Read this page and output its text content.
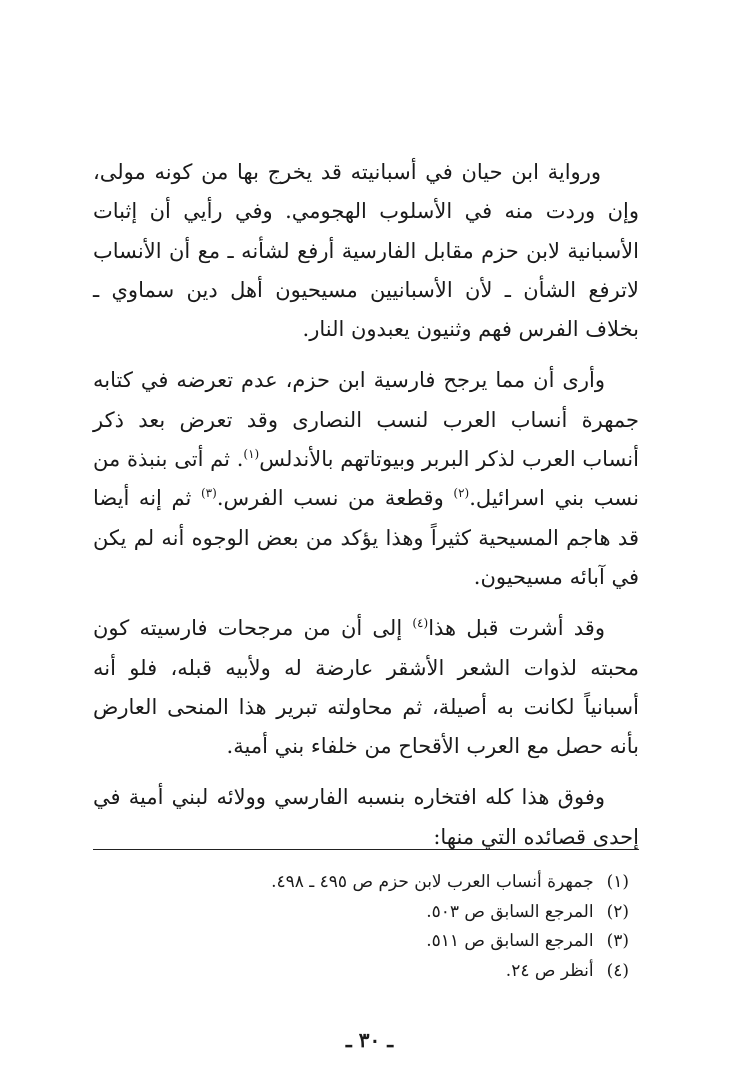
ورواية ابن حيان في أسبانيته قد يخرج بها من كونه مولى، وإن وردت منه في الأسلوب الهجومي. وفي رأيي أن إثبات الأسبانية لابن حزم مقابل الفارسية أرفع لشأنه ـ مع أن الأنساب لاترفع الشأن ـ لأن الأسبانيين مسيحيون أهل دين سماوي ـ بخلاف الفرس فهم وثنيون يعبدون النار.

وأرى أن مما يرجح فارسية ابن حزم، عدم تعرضه في كتابه جمهرة أنساب العرب لنسب النصارى وقد تعرض بعد ذكر أنساب العرب لذكر البربر وبيوتاتهم بالأندلس$^{(١)}$. ثم أتى بنبذة من نسب بني اسرائيل.$^{(٢)}$ وقطعة من نسب الفرس.$^{(٣)}$ ثم إنه أيضا قد هاجم المسيحية كثيراً وهذا يؤكد من بعض الوجوه أنه لم يكن في آبائه مسيحيون.

وقد أشرت قبل هذا$^{(٤)}$ إلى أن من مرجحات فارسيته كون محبته لذوات الشعر الأشقر عارضة له ولأبيه قبله، فلو أنه أسبانياً لكانت به أصيلة، ثم محاولته تبرير هذا المنحى العارض بأنه حصل مع العرب الأقحاح من خلفاء بني أمية.

وفوق هذا كله افتخاره بنسبه الفارسي وولائه لبني أمية في إحدى قصائده التي منها:

(١) جمهرة أنساب العرب لابن حزم ص ٤٩٥ ـ ٤٩٨.
(٢) المرجع السابق ص ٥٠٣.
(٣) المرجع السابق ص ٥١١.
(٤) أنظر ص ٢٤.
ـ ٣٠ ـ
